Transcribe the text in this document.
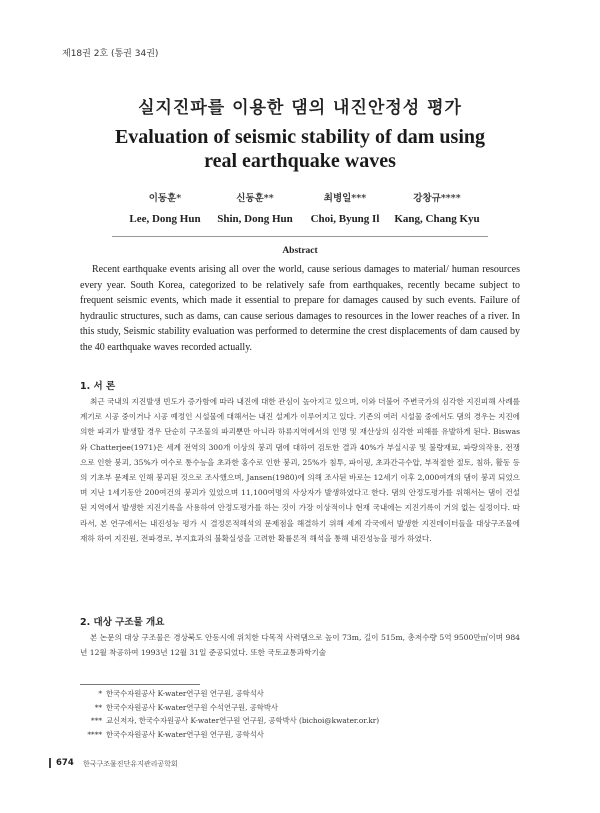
제18권 2호 (통권 34권)
실지진파를 이용한 댐의 내진안정성 평가
Evaluation of seismic stability of dam using real earthquake waves
이동훈*
Lee, Dong Hun
신동훈**
Shin, Dong Hun
최병일***
Choi, Byung Il
강창규****
Kang, Chang Kyu
Abstract
Recent earthquake events arising all over the world, cause serious damages to material/ human resources every year. South Korea, categorized to be relatively safe from earthquakes, recently became subject to frequent seismic events, which made it essential to prepare for damages caused by such events. Failure of hydraulic structures, such as dams, can cause serious damages to resources in the lower reaches of a river. In this study, Seismic stability evaluation was performed to determine the crest displacements of dam caused by the 40 earthquake waves recorded actually.
1. 서 론
최근 국내의 지진발생 빈도가 증가함에 따라 내진에 대한 관심이 높아지고 있으며, 이와 더불어 주변국가의 심각한 지진피해 사례를 계기로 시공 중이거나 시공 예정인 시설물에 대해서는 내진 설계가 이루어지고 있다. 기존의 여러 시설물 중에서도 댐의 경우는 지진에 의한 파괴가 발생할 경우 단순히 구조물의 파괴뿐만 아니라 하류지역에서의 인명 및 재산상의 심각한 피해를 유발하게 된다. Biswas와 Chatterjee(1971)은 세계 전역의 300개 이상의 붕괴 댐에 대하여 검토한 결과 40%가 부실시공 및 불량재료, 파랑의작용, 전쟁으로 인한 붕괴, 35%가 여수로 통수능을 초과한 홍수로 인한 붕괴, 25%가 침투, 파이핑, 초과간극수압, 부적절한 절토, 침하, 활동 등의 기초부 문제로 인해 붕괴된 것으로 조사했으며, Jansen(1980)에 의해 조사된 바로는 12세기 이후 2,000여개의 댐이 붕괴 되었으며 지난 1세기동안 200여건의 붕괴가 있었으며 11,100여명의 사상자가 발생하였다고 한다. 댐의 안정도평가를 위해서는 댐이 건설된 지역에서 발생한 지진기록을 사용하여 안정도평가를 하는 것이 가장 이상적이나 현재 국내에는 지진기록이 거의 없는 실정이다. 따라서, 본 연구에서는 내진성능 평가 시 결정론적해석의 문제점을 해결하기 위해 세계 각국에서 발생한 지진데이터들을 대상구조물에 재하 하여 지진원, 전파경로, 부지효과의 불확실성을 고려한 확률론적 해석을 통해 내진성능을 평가 하였다.
2. 대상 구조물 개요
본 논문의 대상 구조물은 경상북도 안동시에 위치한 다목적 사력댐으로 높이 73m, 길이 515m, 총저수량 5억 9500만㎥이며 984년 12월 착공하여 1993년 12월 31일 준공되었다. 또한 국토교통과학기술
* 한국수자원공사 K-water연구원 연구원, 공학석사
** 한국수자원공사 K-water연구원 수석연구원, 공학박사
*** 교신저자, 한국수자원공사 K-water연구원 연구원, 공학박사 (bichoi@kwater.or.kr)
**** 한국수자원공사 K-water연구원 연구원, 공학석사
674 한국구조물진단유지관리공학회
